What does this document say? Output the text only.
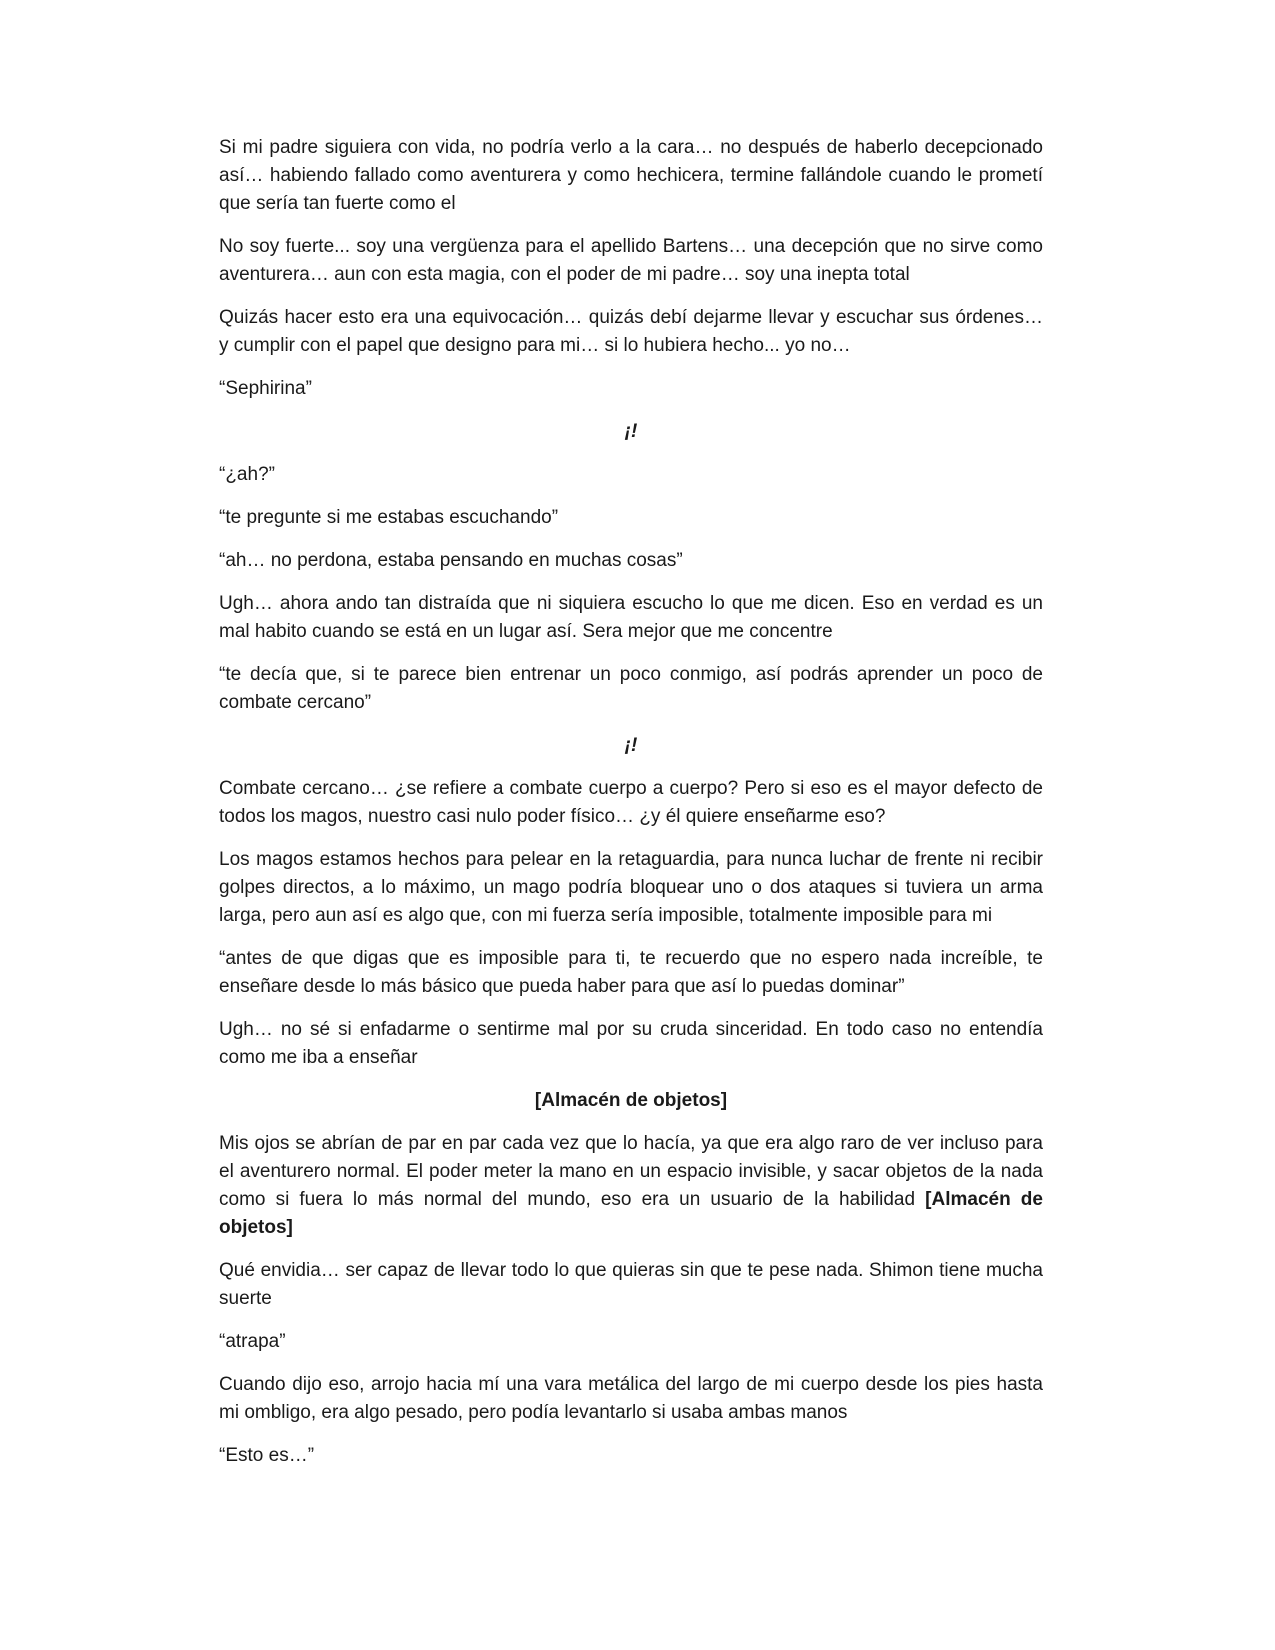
Si mi padre siguiera con vida, no podría verlo a la cara… no después de haberlo decepcionado así… habiendo fallado como aventurera y como hechicera, termine fallándole cuando le prometí que sería tan fuerte como el

No soy fuerte... soy una vergüenza para el apellido Bartens… una decepción que no sirve como aventurera… aun con esta magia, con el poder de mi padre… soy una inepta total

Quizás hacer esto era una equivocación… quizás debí dejarme llevar y escuchar sus órdenes… y cumplir con el papel que designo para mi… si lo hubiera hecho... yo no…

“Sephirina”

¡!

“¿ah?”

“te pregunte si me estabas escuchando”

“ah… no perdona, estaba pensando en muchas cosas”

Ugh… ahora ando tan distraída que ni siquiera escucho lo que me dicen. Eso en verdad es un mal habito cuando se está en un lugar así. Sera mejor que me concentre

“te decía que, si te parece bien entrenar un poco conmigo, así podrás aprender un poco de combate cercano”

¡!

Combate cercano… ¿se refiere a combate cuerpo a cuerpo? Pero si eso es el mayor defecto de todos los magos, nuestro casi nulo poder físico… ¿y él quiere enseñarme eso?

Los magos estamos hechos para pelear en la retaguardia, para nunca luchar de frente ni recibir golpes directos, a lo máximo, un mago podría bloquear uno o dos ataques si tuviera un arma larga, pero aun así es algo que, con mi fuerza sería imposible, totalmente imposible para mi

“antes de que digas que es imposible para ti, te recuerdo que no espero nada increíble, te enseñare desde lo más básico que pueda haber para que así lo puedas dominar”

Ugh… no sé si enfadarme o sentirme mal por su cruda sinceridad. En todo caso no entendía como me iba a enseñar

[Almacén de objetos]

Mis ojos se abrían de par en par cada vez que lo hacía, ya que era algo raro de ver incluso para el aventurero normal. El poder meter la mano en un espacio invisible, y sacar objetos de la nada como si fuera lo más normal del mundo, eso era un usuario de la habilidad [Almacén de objetos]

Qué envidia… ser capaz de llevar todo lo que quieras sin que te pese nada. Shimon tiene mucha suerte

“atrapa”

Cuando dijo eso, arrojo hacia mí una vara metálica del largo de mi cuerpo desde los pies hasta mi ombligo, era algo pesado, pero podía levantarlo si usaba ambas manos

“Esto es…”
